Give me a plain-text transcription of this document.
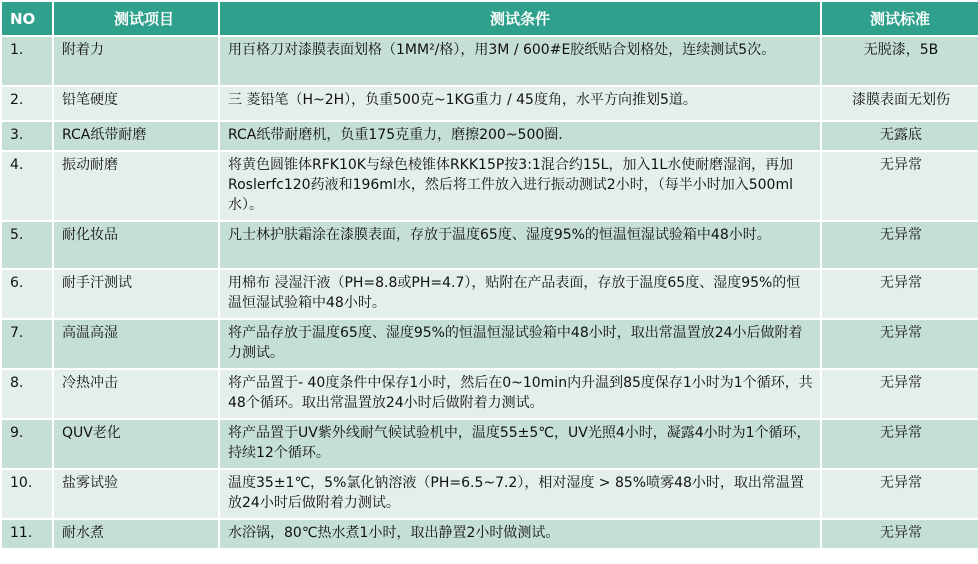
NO	测试项目	测试条件	测试标准
1.	附着力	用百格刀对漆膜表面划格（1MM²/格），用3M / 600#E胶纸贴合划格处，连续测试5次。	无脱漆，5B
2.	铅笔硬度	三 菱铅笔（H~2H），负重500克~1KG重力 / 45度角，水平方向推划5道。	漆膜表面无划伤
3.	RCA纸带耐磨	RCA纸带耐磨机，负重175克重力，磨擦200~500圈.	无露底
4.	振动耐磨	将黄色圆锥体RFK10K与绿色棱锥体RKK15P按3:1混合约15L，加入1L水使耐磨湿润，再加Roslerfc120药液和196ml水，然后将工件放入进行振动测试2小时，（每半小时加入500ml水）。	无异常
5.	耐化妆品	凡士林护肤霜涂在漆膜表面，存放于温度65度、湿度95%的恒温恒湿试验箱中48小时。	无异常
6.	耐手汗测试	用棉布 浸湿汗液（PH=8.8或PH=4.7），贴附在产品表面，存放于温度65度、湿度95%的恒温恒湿试验箱中48小时。	无异常
7.	高温高湿	将产品存放于温度65度、湿度95%的恒温恒湿试验箱中48小时，取出常温置放24小后做附着力测试。	无异常
8.	冷热冲击	将产品置于- 40度条件中保存1小时，然后在0~10min内升温到85度保存1小时为1个循环，共48个循环。取出常温置放24小时后做附着力测试。	无异常
9.	QUV老化	将产品置于UV紫外线耐气候试验机中，温度55±5℃，UV光照4小时，凝露4小时为1个循环，持续12个循环。	无异常
10.	盐雾试验	温度35±1℃，5%氯化钠溶液（PH=6.5~7.2），相对湿度 > 85%喷雾48小时，取出常温置放24小时后做附着力测试。	无异常
11.	耐水煮	水浴锅，80℃热水煮1小时，取出静置2小时做测试。	无异常
